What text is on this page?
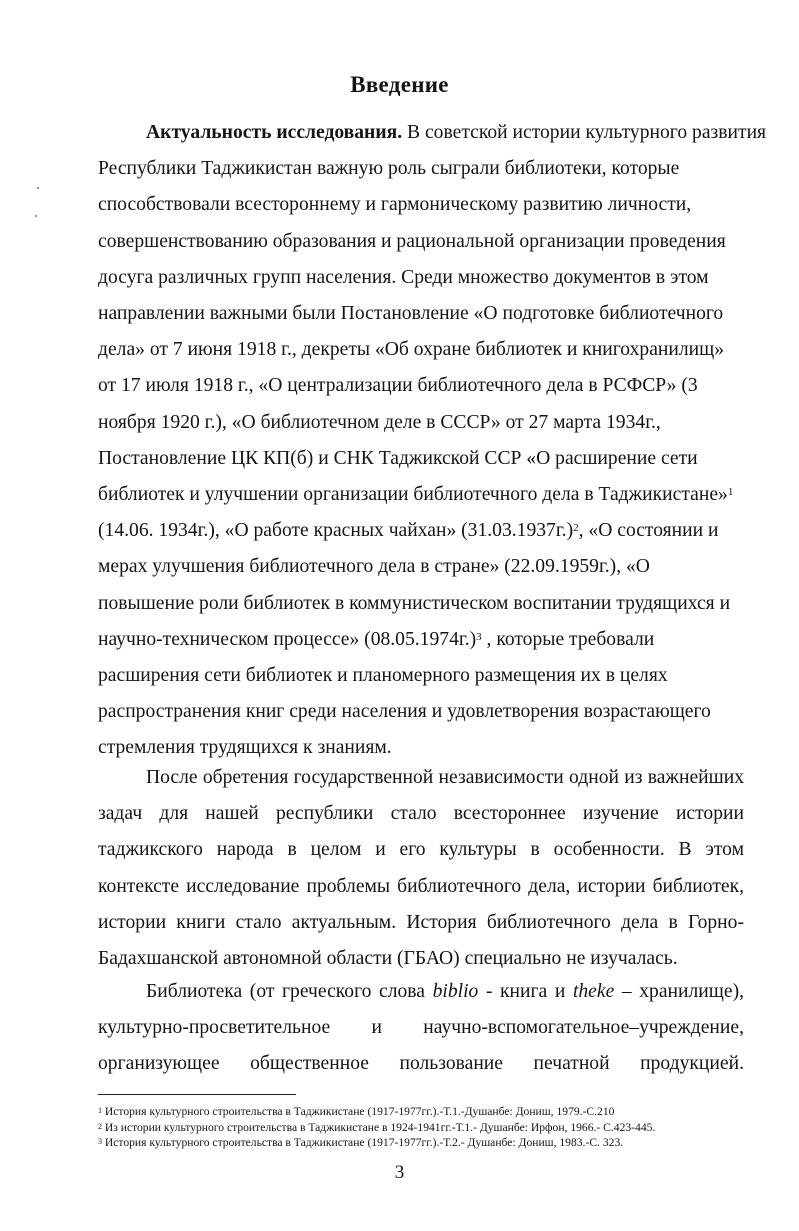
Введение
Актуальность исследования. В советской истории культурного развития
Республики Таджикистан важную роль сыграли библиотеки, которые
способствовали всестороннему и гармоническому развитию личности,
совершенствованию образования и рациональной организации проведения
досуга различных групп населения. Среди множество документов в этом
направлении важными были Постановление «О подготовке библиотечного
дела» от 7 июня 1918 г., декреты «Об охране библиотек и книгохранилищ»
от 17 июля 1918 г., «О централизации библиотечного дела в РСФСР» (3
ноября 1920 г.), «О библиотечном деле в СССР» от 27 марта 1934г.,
Постановление ЦК КП(б) и СНК Таджикской ССР «О расширение сети
библиотек и улучшении организации библиотечного дела в Таджикистане»$^1$
(14.06. 1934г.), «О работе красных чайхан» $(31.03.1937г.)^2$, «О состоянии и
мерах улучшения библиотечного дела в стране» (22.09.1959г.), «О
повышение роли библиотек в коммунистическом воспитании трудящихся и
научно-техническом процессе» $(08.05.1974г.)^3$ , которые требовали
расширения сети библиотек и планомерного размещения их в целях
распространения книг среди населения и удовлетворения возрастающего
стремления трудящихся к знаниям.
После обретения государственной независимости одной из важнейших
задач для нашей республики стало всестороннее изучение истории
таджикского народа в целом и его культуры в особенности. В этом
контексте исследование проблемы библиотечного дела, истории библиотек,
истории книги стало актуальным. История библиотечного дела в Горно-
Бадахшанской автономной области (ГБАО) специально не изучалась.
Библиотека (от греческого слова biblio - книга и theke – хранилище),
культурно-просветительное и научно-вспомогательное–учреждение,
организующее общественное пользование печатной продукцией.
$^1$ История культурного строительства в Таджикистане (1917-1977гг.).-Т.1.-Душанбе: Дониш, 1979.-С.210
$^2$ Из истории культурного строительства в Таджикистане в 1924-1941гг.-Т.1.- Душанбе: Ирфон, 1966.- С.423-445.
$^3$ История культурного строительства в Таджикистане (1917-1977гг.).-Т.2.- Душанбе: Дониш, 1983.-С. 323.
3
